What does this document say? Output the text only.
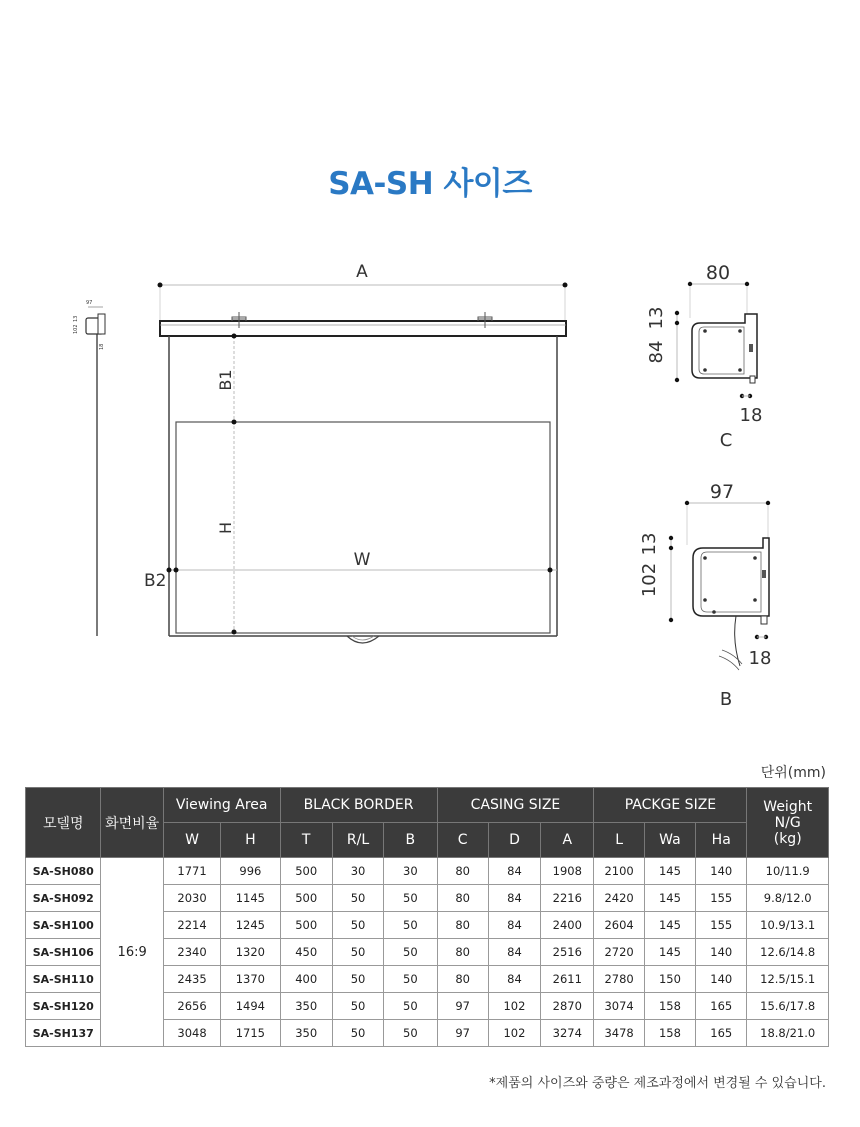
SA-SH 사이즈
97
13
102
18
A
B1
H
W
B2
80
13
84
18
C
97
13
102
18
B
단위(mm)
모델명	화면비율	Viewing Area		BLACK BORDER			CASING SIZE			PACKGE SIZE			Weight
N/G
(kg)
		W	H	T	R/L	B	C	D	A	L	Wa	Ha	
SA-SH080	16:9	1771	996	500	30	30	80	84	1908	2100	145	140	10/11.9
SA-SH092		2030	1145	500	50	50	80	84	2216	2420	145	155	9.8/12.0
SA-SH100		2214	1245	500	50	50	80	84	2400	2604	145	155	10.9/13.1
SA-SH106		2340	1320	450	50	50	80	84	2516	2720	145	140	12.6/14.8
SA-SH110		2435	1370	400	50	50	80	84	2611	2780	150	140	12.5/15.1
SA-SH120		2656	1494	350	50	50	97	102	2870	3074	158	165	15.6/17.8
SA-SH137		3048	1715	350	50	50	97	102	3274	3478	158	165	18.8/21.0
*제품의 사이즈와 중량은 제조과정에서 변경될 수 있습니다.
